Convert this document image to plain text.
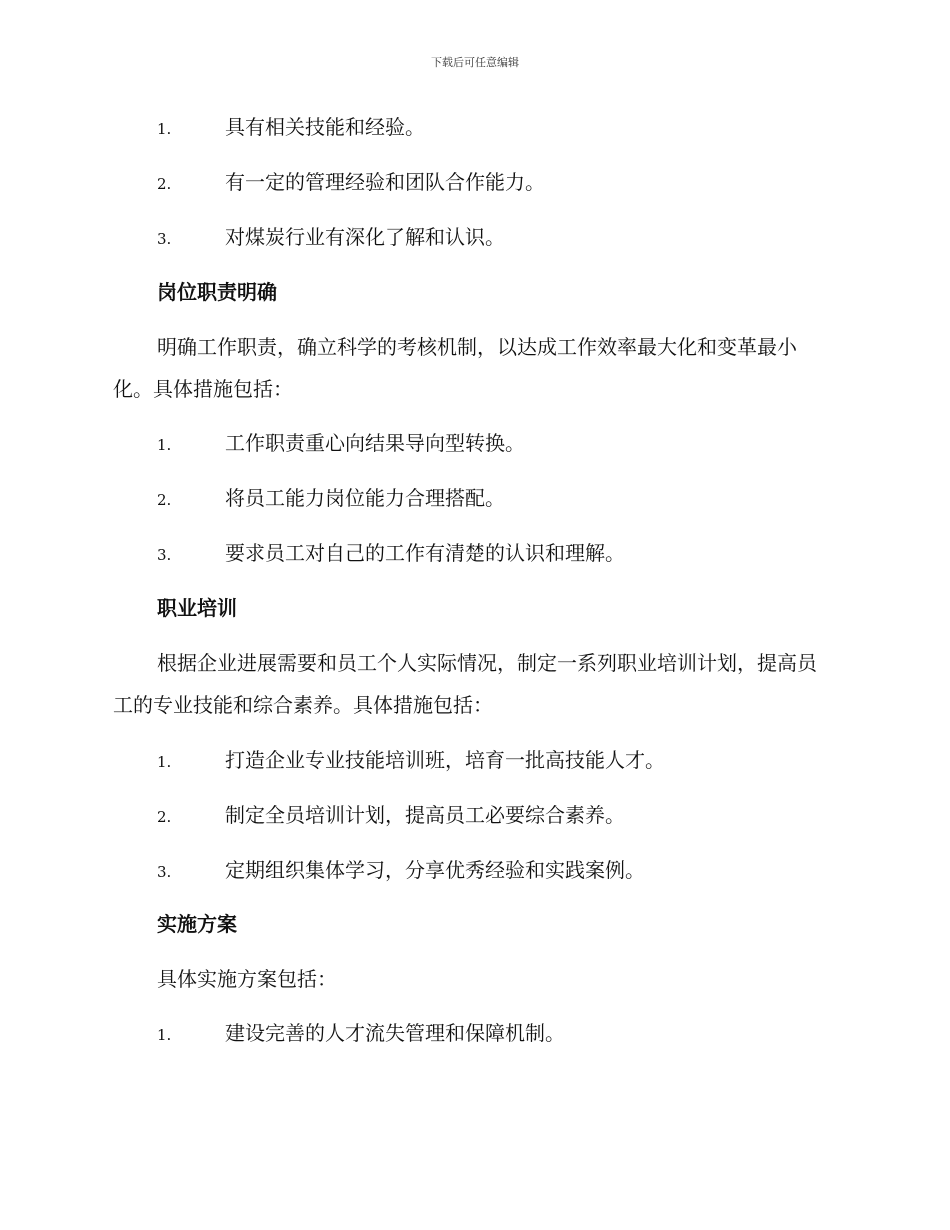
下载后可任意编辑
1.	具有相关技能和经验。
2.	有一定的管理经验和团队合作能力。
3.	对煤炭行业有深化了解和认识。
岗位职责明确
明确工作职责，确立科学的考核机制，以达成工作效率最大化和变革最小化。具体措施包括：
1.	工作职责重心向结果导向型转换。
2.	将员工能力岗位能力合理搭配。
3.	要求员工对自己的工作有清楚的认识和理解。
职业培训
根据企业进展需要和员工个人实际情况，制定一系列职业培训计划，提高员工的专业技能和综合素养。具体措施包括：
1.	打造企业专业技能培训班，培育一批高技能人才。
2.	制定全员培训计划，提高员工必要综合素养。
3.	定期组织集体学习，分享优秀经验和实践案例。
实施方案
具体实施方案包括：
1.	建设完善的人才流失管理和保障机制。
